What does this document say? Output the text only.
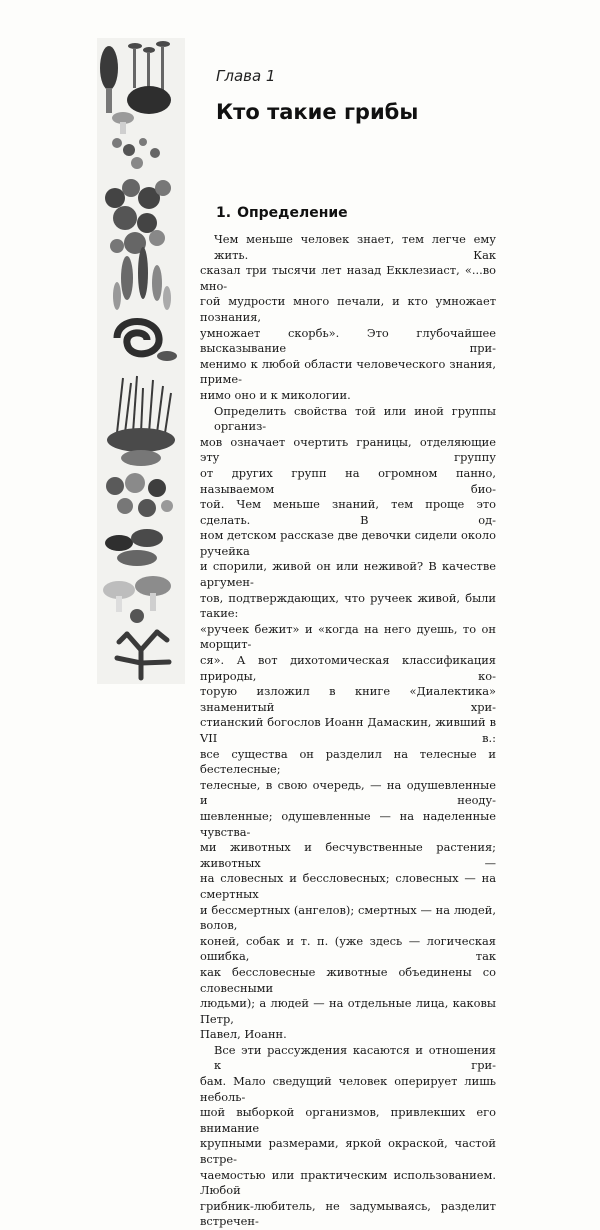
Глава 1
Кто такие грибы
1. Определение

Чем меньше человек знает, тем легче ему жить. Как
сказал три тысячи лет назад Екклезиаст, «...во мно-
гой мудрости много печали, и кто умножает познания,
умножает скорбь». Это глубочайшее высказывание при-
менимо к любой области человеческого знания, приме-
нимо оно и к микологии.

Определить свойства той или иной группы организ-
мов означает очертить границы, отделяющие эту группу
от других групп на огромном панно, называемом био-
той. Чем меньше знаний, тем проще это сделать. В од-
ном детском рассказе две девочки сидели около ручейка
и спорили, живой он или неживой? В качестве аргумен-
тов, подтверждающих, что ручеек живой, были такие:
«ручеек бежит» и «когда на него дуешь, то он морщит-
ся». А вот дихотомическая классификация природы, ко-
торую изложил в книге «Диалектика» знаменитый хри-
стианский богослов Иоанн Дамаскин, живший в VII в.:
все существа он разделил на телесные и бестелесные;
телесные, в свою очередь, — на одушевленные и неоду-
шевленные; одушевленные — на наделенные чувства-
ми животных и бесчувственные растения; животных —
на словесных и бессловесных; словесных — на смертных
и бессмертных (ангелов); смертных — на людей, волов,
коней, собак и т. п. (уже здесь — логическая ошибка, так
как бессловесные животные объединены со словесными
людьми); а людей — на отдельные лица, каковы Петр,
Павел, Иоанн.

Все эти рассуждения касаются и отношения к гри-
бам. Мало сведущий человек оперирует лишь неболь-
шой выборкой организмов, привлекших его внимание
крупными размерами, яркой окраской, частой встре-
чаемостью или практическим использованием. Любой
грибник-любитель, не задумываясь, разделит встречен-
